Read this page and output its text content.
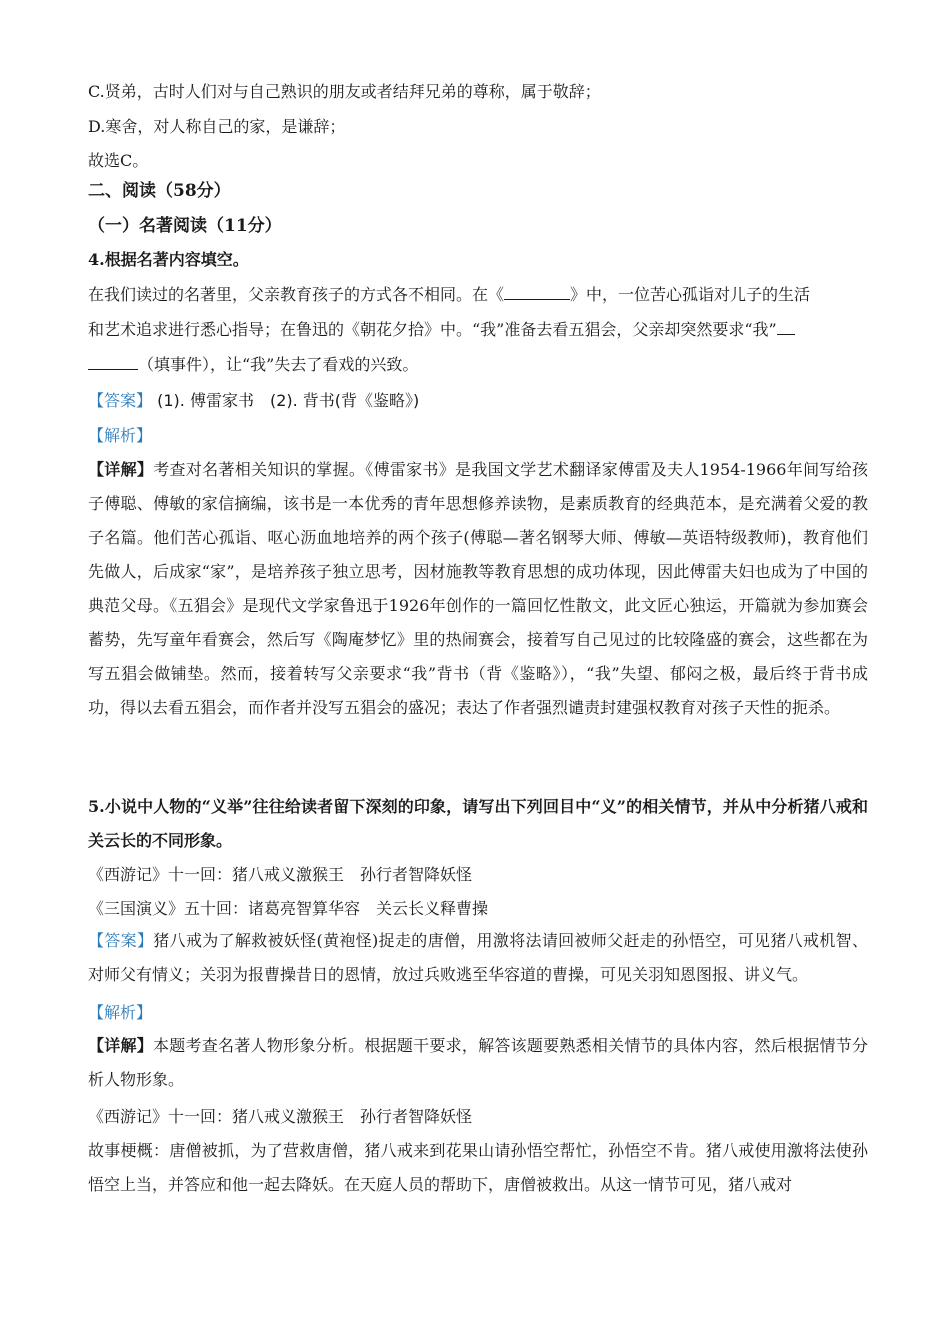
C.贤弟，古时人们对与自己熟识的朋友或者结拜兄弟的尊称，属于敬辞；

D.寒舍，对人称自己的家，是谦辞；

故选C。

二、阅读（58分）

（一）名著阅读（11分）

4.根据名著内容填空。

在我们读过的名著里，父亲教育孩子的方式各不相同。在《	》中，一位苦心孤诣对儿子的生活

和艺术追求进行悉心指导；在鲁迅的《朝花夕拾》中。“我”准备去看五猖会，父亲却突然要求“我”

（填事件），让“我”失去了看戏的兴致。

【答案】 (1). 傅雷家书　(2). 背书(背《鉴略》)

【解析】

【详解】考查对名著相关知识的掌握。《傅雷家书》是我国文学艺术翻译家傅雷及夫人1954-1966年间写给孩子傅聪、傅敏的家信摘编，该书是一本优秀的青年思想修养读物，是素质教育的经典范本，是充满着父爱的教子名篇。他们苦心孤诣、呕心沥血地培养的两个孩子(傅聪—著名钢琴大师、傅敏—英语特级教师)，教育他们先做人，后成家“家”，是培养孩子独立思考，因材施教等教育思想的成功体现，因此傅雷夫妇也成为了中国的典范父母。《五猖会》是现代文学家鲁迅于1926年创作的一篇回忆性散文，此文匠心独运，开篇就为参加赛会蓄势，先写童年看赛会，然后写《陶庵梦忆》里的热闹赛会，接着写自己见过的比较隆盛的赛会，这些都在为写五猖会做铺垫。然而，接着转写父亲要求“我”背书（背《鉴略》），“我”失望、郁闷之极，最后终于背书成功，得以去看五猖会，而作者并没写五猖会的盛况；表达了作者强烈谴责封建强权教育对孩子天性的扼杀。

5.小说中人物的“义举”往往给读者留下深刻的印象，请写出下列回目中“义”的相关情节，并从中分析猪八戒和关云长的不同形象。

《西游记》十一回：猪八戒义激猴王　孙行者智降妖怪

《三国演义》五十回：诸葛亮智算华容　关云长义释曹操

【答案】猪八戒为了解救被妖怪(黄袍怪)捉走的唐僧，用激将法请回被师父赶走的孙悟空，可见猪八戒机智、对师父有情义；关羽为报曹操昔日的恩情，放过兵败逃至华容道的曹操，可见关羽知恩图报、讲义气。

【解析】

【详解】本题考查名著人物形象分析。根据题干要求，解答该题要熟悉相关情节的具体内容，然后根据情节分析人物形象。

《西游记》十一回：猪八戒义激猴王　孙行者智降妖怪

故事梗概：唐僧被抓，为了营救唐僧，猪八戒来到花果山请孙悟空帮忙，孙悟空不肯。猪八戒使用激将法使孙悟空上当，并答应和他一起去降妖。在天庭人员的帮助下，唐僧被救出。从这一情节可见，猪八戒对
